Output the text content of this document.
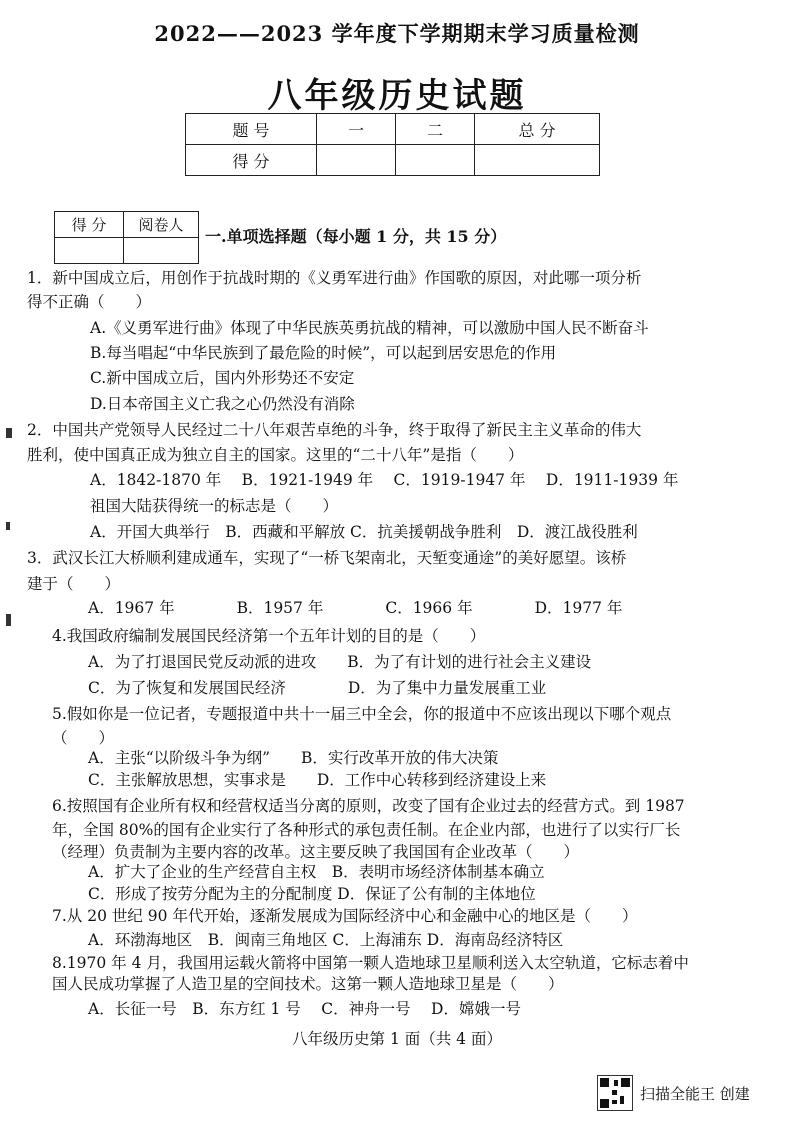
2022——2023 学年度下学期期末学习质量检测
八年级历史试题
题 号	一	二	总 分
得 分			
得 分	阅卷人

一.单项选择题（每小题 1 分，共 15 分）
1．新中国成立后，用创作于抗战时期的《义勇军进行曲》作国歌的原因，对此哪一项分析
得不正确（　　）
A.《义勇军进行曲》体现了中华民族英勇抗战的精神，可以激励中国人民不断奋斗
B.每当唱起“中华民族到了最危险的时候”，可以起到居安思危的作用
C.新中国成立后，国内外形势还不安定
D.日本帝国主义亡我之心仍然没有消除
2．中国共产党领导人民经过二十八年艰苦卓绝的斗争，终于取得了新民主主义革命的伟大
胜利，使中国真正成为独立自主的国家。这里的“二十八年”是指（　　）
A．1842-1870 年　 B．1921-1949 年　 C．1919-1947 年　 D．1911-1939 年
祖国大陆获得统一的标志是（　　）
A．开国大典举行　B．西藏和平解放 C．抗美援朝战争胜利　D．渡江战役胜利
3．武汉长江大桥顺利建成通车，实现了“一桥飞架南北，天堑变通途”的美好愿望。该桥
建于（　　）
A．1967 年　　　　B．1957 年　　　　C．1966 年　　　　D．1977 年
4.我国政府编制发展国民经济第一个五年计划的目的是（　　）
A．为了打退国民党反动派的进攻　　B．为了有计划的进行社会主义建设
C．为了恢复和发展国民经济　　　　D．为了集中力量发展重工业
5.假如你是一位记者，专题报道中共十一届三中全会，你的报道中不应该出现以下哪个观点
（　　）
A．主张“以阶级斗争为纲”　　B．实行改革开放的伟大决策
C．主张解放思想，实事求是　　D．工作中心转移到经济建设上来
6.按照国有企业所有权和经营权适当分离的原则，改变了国有企业过去的经营方式。到 1987
年，全国 80%的国有企业实行了各种形式的承包责任制。在企业内部，也进行了以实行厂长
（经理）负责制为主要内容的改革。这主要反映了我国国有企业改革（　　）
A．扩大了企业的生产经营自主权　B．表明市场经济体制基本确立
C．形成了按劳分配为主的分配制度 D．保证了公有制的主体地位
7.从 20 世纪 90 年代开始，逐渐发展成为国际经济中心和金融中心的地区是（　　）
A．环渤海地区　B．闽南三角地区 C．上海浦东 D．海南岛经济特区
8.1970 年 4 月，我国用运载火箭将中国第一颗人造地球卫星顺利送入太空轨道，它标志着中
国人民成功掌握了人造卫星的空间技术。这第一颗人造地球卫星是（　　）
A．长征一号　B．东方红 1 号　 C．神舟一号　 D．嫦娥一号
八年级历史第 1 面（共 4 面）
扫描全能王 创建
